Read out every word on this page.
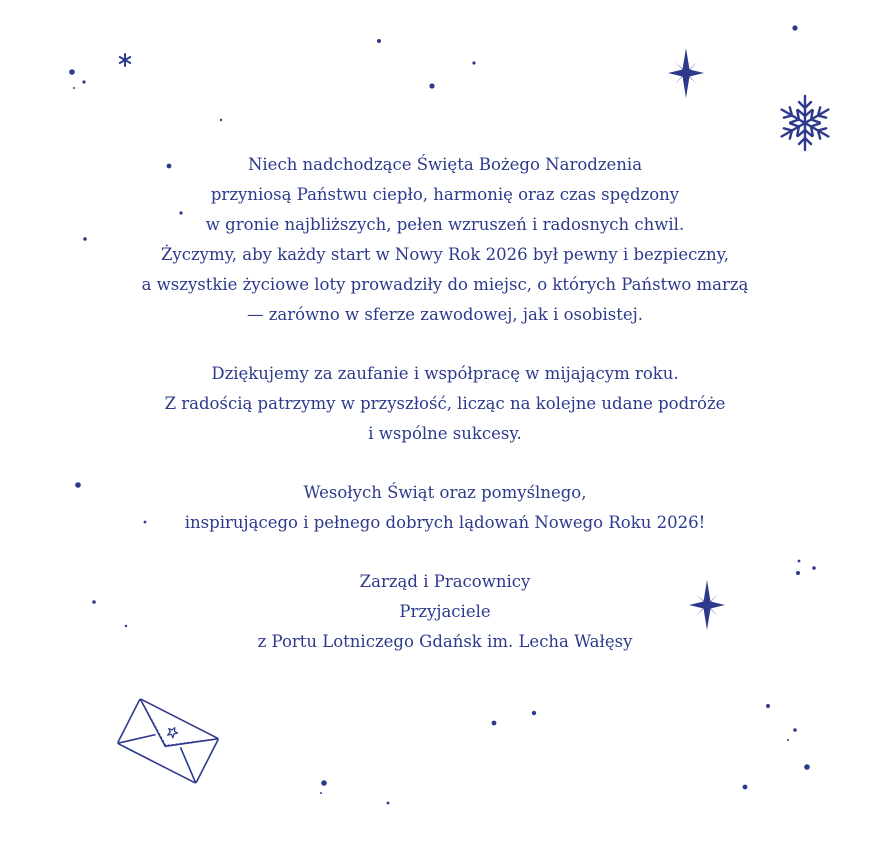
Niech nadchodzące Święta Bożego Narodzenia
przyniosą Państwu ciepło, harmonię oraz czas spędzony
w gronie najbliższych, pełen wzruszeń i radosnych chwil.
Życzymy, aby każdy start w Nowy Rok 2026 był pewny i bezpieczny,
a wszystkie życiowe loty prowadziły do miejsc, o których Państwo marzą
— zarówno w sferze zawodowej, jak i osobistej.
Dziękujemy za zaufanie i współpracę w mijającym roku.
Z radością patrzymy w przyszłość, licząc na kolejne udane podróże
i wspólne sukcesy.
Wesołych Świąt oraz pomyślnego,
inspirującego i pełnego dobrych lądowań Nowego Roku 2026!
Zarząd i Pracownicy
Przyjaciele
z Portu Lotniczego Gdańsk im. Lecha Wałęsy
